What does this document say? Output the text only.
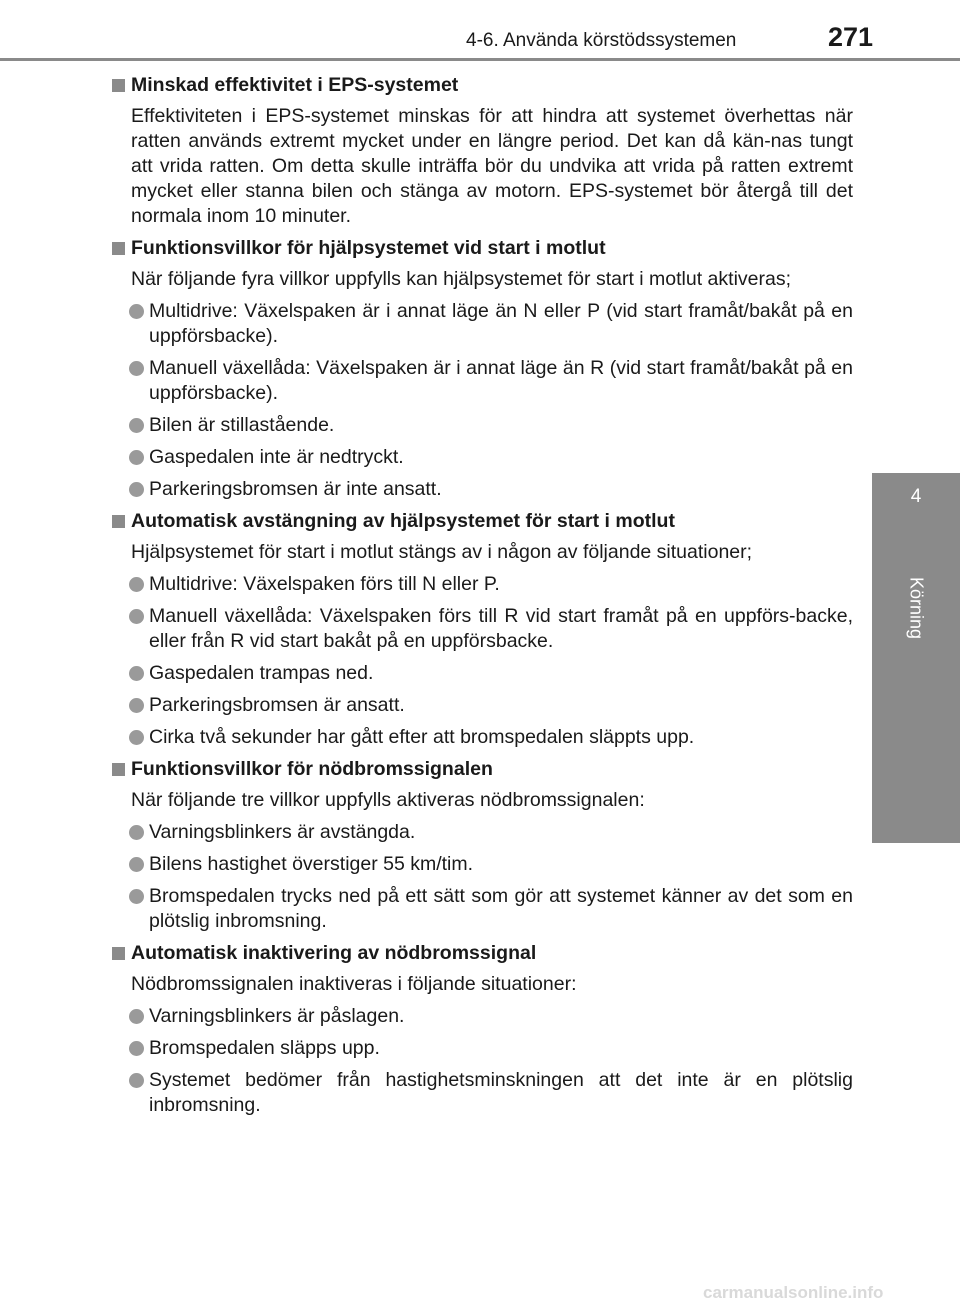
4-6. Använda körstödssystemen	271
4
Körning
Minskad effektivitet i EPS-systemet
Effektiviteten i EPS-systemet minskas för att hindra att systemet överhettas när ratten används extremt mycket under en längre period. Det kan då kän-nas tungt att vrida ratten. Om detta skulle inträffa bör du undvika att vrida på ratten extremt mycket eller stanna bilen och stänga av motorn. EPS-systemet bör återgå till det normala inom 10 minuter.
Funktionsvillkor för hjälpsystemet vid start i motlut
När följande fyra villkor uppfylls kan hjälpsystemet för start i motlut aktiveras;
Multidrive: Växelspaken är i annat läge än N eller P (vid start framåt/bakåt på en uppförsbacke).
Manuell växellåda: Växelspaken är i annat läge än R (vid start framåt/bakåt på en uppförsbacke).
Bilen är stillastående.
Gaspedalen inte är nedtryckt.
Parkeringsbromsen är inte ansatt.
Automatisk avstängning av hjälpsystemet för start i motlut
Hjälpsystemet för start i motlut stängs av i någon av följande situationer;
Multidrive: Växelspaken förs till N eller P.
Manuell växellåda: Växelspaken förs till R vid start framåt på en uppförs-backe, eller från R vid start bakåt på en uppförsbacke.
Gaspedalen trampas ned.
Parkeringsbromsen är ansatt.
Cirka två sekunder har gått efter att bromspedalen släppts upp.
Funktionsvillkor för nödbromssignalen
När följande tre villkor uppfylls aktiveras nödbromssignalen:
Varningsblinkers är avstängda.
Bilens hastighet överstiger 55 km/tim.
Bromspedalen trycks ned på ett sätt som gör att systemet känner av det som en plötslig inbromsning.
Automatisk inaktivering av nödbromssignal
Nödbromssignalen inaktiveras i följande situationer:
Varningsblinkers är påslagen.
Bromspedalen släpps upp.
Systemet bedömer från hastighetsminskningen att det inte är en plötslig inbromsning.
carmanualsonline.info
